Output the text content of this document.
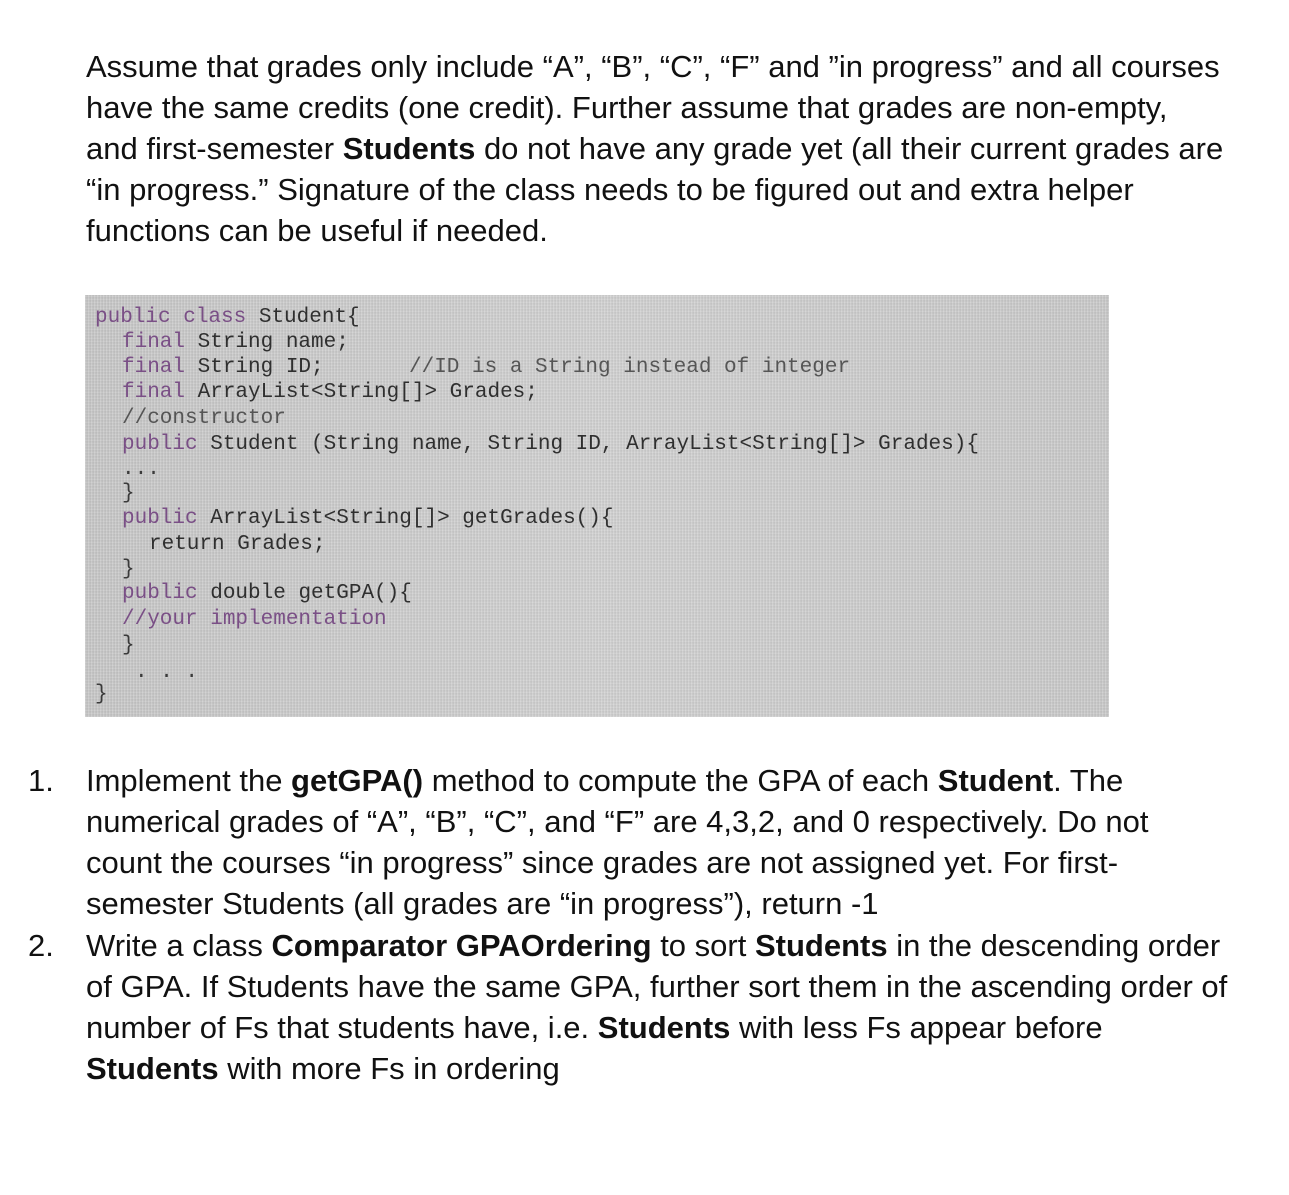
Assume that grades only include “A”, “B”, “C”, “F” and ”in progress” and all courses have the same credits (one credit). Further assume that grades are non-empty, and first-semester Students do not have any grade yet (all their current grades are “in progress.” Signature of the class needs to be figured out and extra helper functions can be useful if needed.

public class Student{
final String name;
final String ID;	//ID is a String instead of integer
final ArrayList<String[]> Grades;
//constructor
public Student (String name, String ID, ArrayList<String[]> Grades){
...
}
public ArrayList<String[]> getGrades(){
return Grades;
}
public double getGPA(){
//your implementation
}
. . .
}
1. Implement the getGPA() method to compute the GPA of each Student. The numerical grades of “A”, “B”, “C”, and “F” are 4,3,2, and 0 respectively. Do not count the courses “in progress” since grades are not assigned yet. For first-semester Students (all grades are “in progress”), return -1
2. Write a class Comparator GPAOrdering to sort Students in the descending order of GPA. If Students have the same GPA, further sort them in the ascending order of number of Fs that students have, i.e. Students with less Fs appear before Students with more Fs in ordering
